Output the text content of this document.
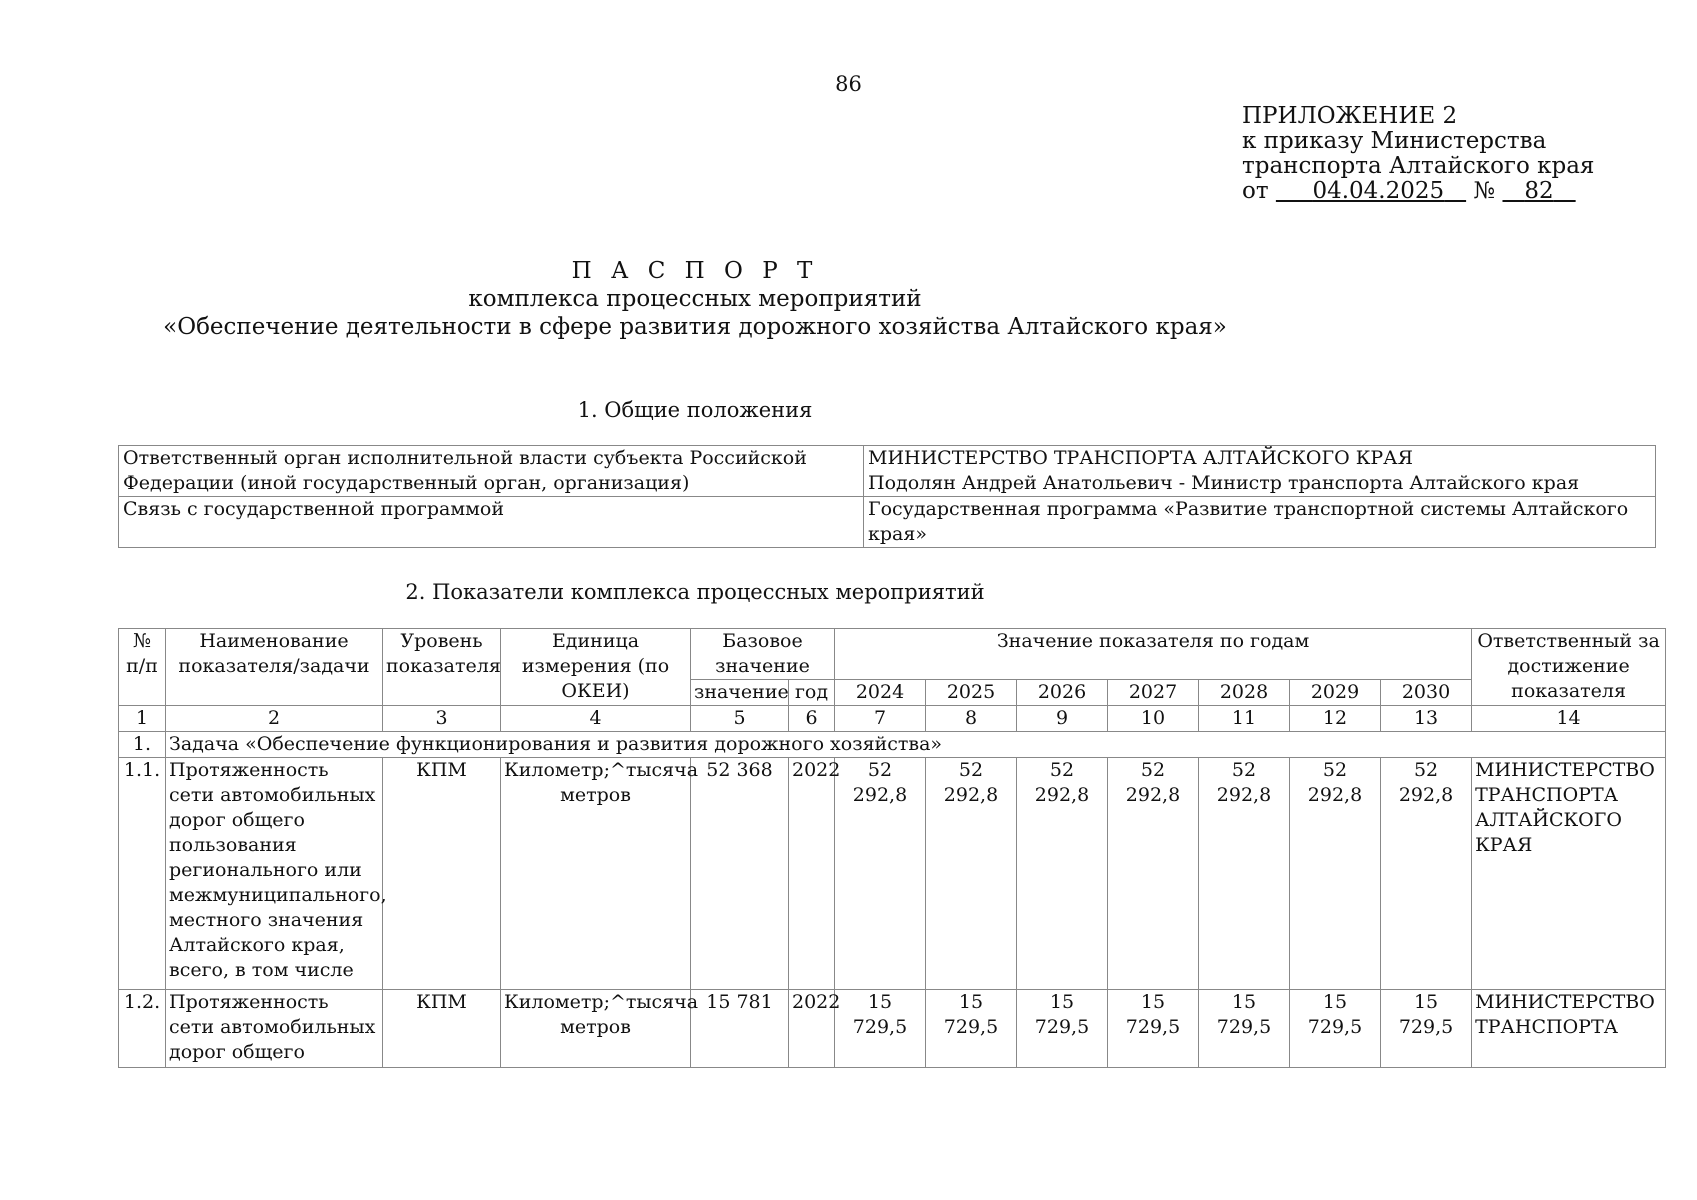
86
ПРИЛОЖЕНИЕ 2
к приказу Министерства
транспорта Алтайского края
от 04.04.2025 № 82
П А С П О Р Т
комплекса процессных мероприятий
«Обеспечение деятельности в сфере развития дорожного хозяйства Алтайского края»
1. Общие положения
Ответственный орган исполнительной власти субъекта Российской Федерации (иной государственный орган, организация)	МИНИСТЕРСТВО ТРАНСПОРТА АЛТАЙСКОГО КРАЯ
Подолян Андрей Анатольевич - Министр транспорта Алтайского края

Связь с государственной программой	Государственная программа «Развитие транспортной системы Алтайского края»
2. Показатели комплекса процессных мероприятий
№ п/п	Наименование показателя/задачи	Уровень показателя	Единица измерения (по ОКЕИ)	Базовое значение		Значение показателя по годам							Ответственный за достижение показателя
				значение	год	2024	2025	2026	2027	2028	2029	2030	
1	2	3	4	5	6	7	8	9	10	11	12	13	14
1.	Задача «Обеспечение функционирования и развития дорожного хозяйства»												
1.1.	Протяженность сети автомобильных дорог общего пользования регионального или межмуниципального, местного значения Алтайского края, всего, в том числе	КПМ	Километр;^тысяча метров	52 368	2022	52 292,8	52 292,8	52 292,8	52 292,8	52 292,8	52 292,8	52 292,8	МИНИСТЕРСТВО ТРАНСПОРТА АЛТАЙСКОГО КРАЯ
1.2.	Протяженность сети автомобильных дорог общего	КПМ	Километр;^тысяча метров	15 781	2022	15 729,5	15 729,5	15 729,5	15 729,5	15 729,5	15 729,5	15 729,5	МИНИСТЕРСТВО ТРАНСПОРТА
